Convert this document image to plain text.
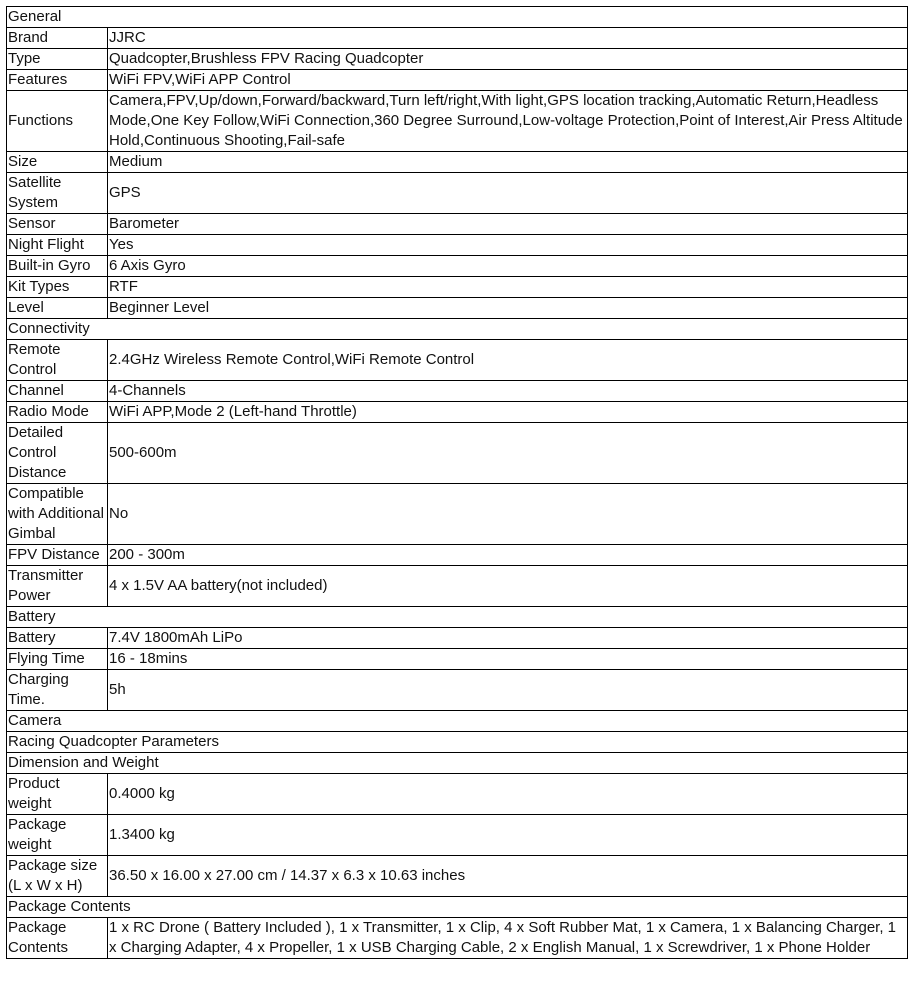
General	
Brand	JJRC
Type	Quadcopter,Brushless FPV Racing Quadcopter
Features	WiFi FPV,WiFi APP Control
Functions	Camera,FPV,Up/down,Forward/backward,Turn left/right,With light,GPS location tracking,Automatic Return,Headless Mode,One Key Follow,WiFi Connection,360 Degree Surround,Low-voltage Protection,Point of Interest,Air Press Altitude Hold,Continuous Shooting,Fail-safe
Size	Medium
Satellite System	GPS
Sensor	Barometer
Night Flight	Yes
Built-in Gyro	6 Axis Gyro
Kit Types	RTF
Level	Beginner Level
Connectivity	
Remote Control	2.4GHz Wireless Remote Control,WiFi Remote Control
Channel	4-Channels
Radio Mode	WiFi APP,Mode 2 (Left-hand Throttle)
Detailed Control Distance	500-600m
Compatible with Additional Gimbal	No
FPV Distance	200 - 300m
Transmitter Power	4 x 1.5V AA battery(not included)
Battery	
Battery	7.4V 1800mAh LiPo
Flying Time	16 - 18mins
Charging Time.	5h
Camera	
Racing Quadcopter Parameters	
Dimension and Weight	
Product weight	0.4000 kg
Package weight	1.3400 kg
Package size (L x W x H)	36.50 x 16.00 x 27.00 cm / 14.37 x 6.3 x 10.63 inches
Package Contents	
Package Contents	1 x RC Drone ( Battery Included ), 1 x Transmitter, 1 x Clip, 4 x Soft Rubber Mat, 1 x Camera, 1 x Balancing Charger, 1 x Charging Adapter, 4 x Propeller, 1 x USB Charging Cable, 2 x English Manual, 1 x Screwdriver, 1 x Phone Holder
